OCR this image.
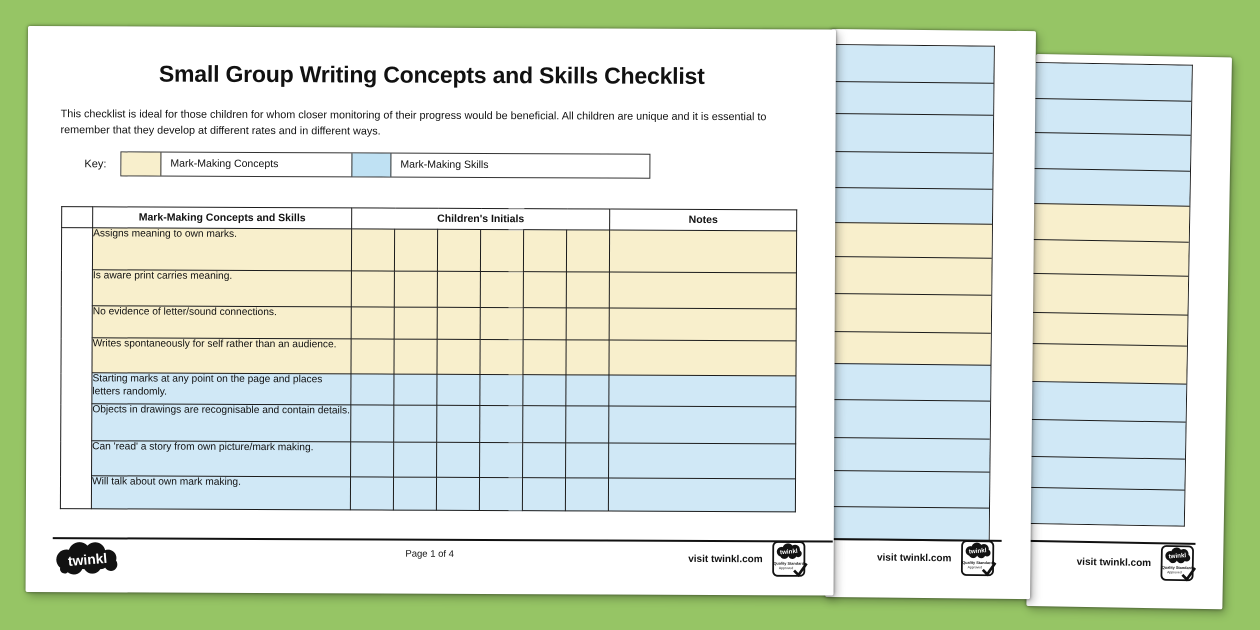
Small Group Writing Concepts and Skills Checklist
This checklist is ideal for those children for whom closer monitoring of their progress would be beneficial. All children are unique and it is essential to remember that they develop at different rates and in different ways.
Key:	Mark-Making Concepts	Mark-Making Skills
	Mark-Making Concepts and Skills	Children's Initials						Notes
	Assigns meaning to own marks.							
	Is aware print carries meaning.							
	No evidence of letter/sound connections.							
	Writes spontaneously for self rather than an audience.							
	Starting marks at any point on the page and places letters randomly.							
	Objects in drawings are recognisable and contain details.							
	Can 'read' a story from own picture/mark making.							
	Will talk about own mark making.							
twinkl	Page 1 of 4	visit twinkl.com
twinkl
Quality Standard
Approved
visit twinkl.com
twinkl
Quality Standard
Approved	visit twinkl.com
twinkl
Quality Standard
Approved
